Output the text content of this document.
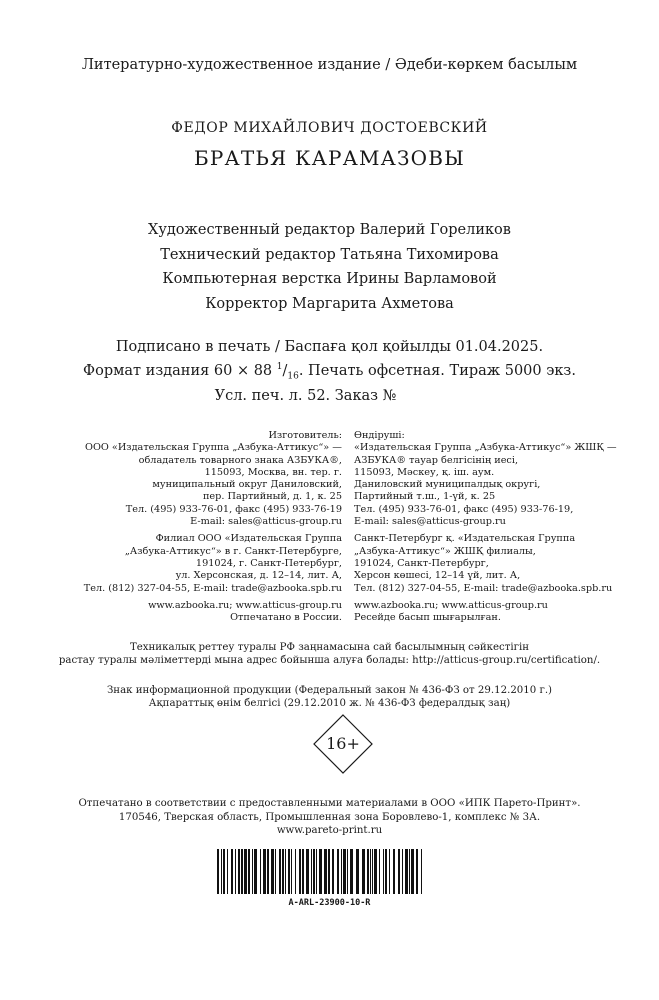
Литературно-художественное издание / Әдеби-көркем басылым
ФЕДОР МИХАЙЛОВИЧ ДОСТОЕВСКИЙ
БРАТЬЯ КАРАМАЗОВЫ
Художественный редактор Валерий Гореликов
Технический редактор Татьяна Тихомирова
Компьютерная верстка Ирины Варламовой
Корректор Маргарита Ахметова
Подписано в печать / Баспаға қол қойылды 01.04.2025.
Формат издания 60 × 88 $^1/_{16}$. Печать офсетная. Тираж 5000 экз.
Усл. печ. л. 52. Заказ №
Изготовитель:
ООО «Издательская Группа „Азбука-Аттикус“» —
обладатель товарного знака АЗБУКА®,
115093, Москва, вн. тер. г.
муниципальный округ Даниловский,
пер. Партийный, д. 1, к. 25
Тел. (495) 933-76-01, факс (495) 933-76-19
E-mail: sales@atticus-group.ru
Филиал ООО «Издательская Группа
„Азбука-Аттикус“» в г. Санкт-Петербурге,
191024, г. Санкт-Петербург,
ул. Херсонская, д. 12–14, лит. А,
Тел. (812) 327-04-55, E-mail: trade@azbooka.spb.ru
www.azbooka.ru; www.atticus-group.ru
Отпечатано в России.
Өндіруші:
«Издательская Группа „Азбука-Аттикус“» ЖШҚ —
АЗБУКА® тауар белгісінің иесі,
115093, Мәскеу, қ. іш. аум.
Даниловский муниципалдық округі,
Партийный т.ш., 1-үй, к. 25
Тел. (495) 933-76-01, факс (495) 933-76-19,
E-mail: sales@atticus-group.ru
Санкт-Петербург қ. «Издательская Группа
„Азбука-Аттикус“» ЖШҚ филиалы,
191024, Санкт-Петербург,
Херсон көшесі, 12–14 үй, лит. А,
Тел. (812) 327-04-55, E-mail: trade@azbooka.spb.ru
www.azbooka.ru; www.atticus-group.ru
Ресейде басып шығарылған.
Техникалық реттеу туралы РФ заңнамасына сай басылымның сәйкестігін
растау туралы мәліметтерді мына адрес бойынша алуға болады: http://atticus-group.ru/certification/.
Знак информационной продукции (Федеральный закон № 436-ФЗ от 29.12.2010 г.)
Ақпараттық өнім белгісі (29.12.2010 ж. № 436-ФЗ федералдық заң)
16+
Отпечатано в соответствии с предоставленными материалами в ООО «ИПК Парето-Принт».
170546, Тверская область, Промышленная зона Боровлево-1, комплекс № 3А.
www.pareto-print.ru
A-ARL-23900-10-R
